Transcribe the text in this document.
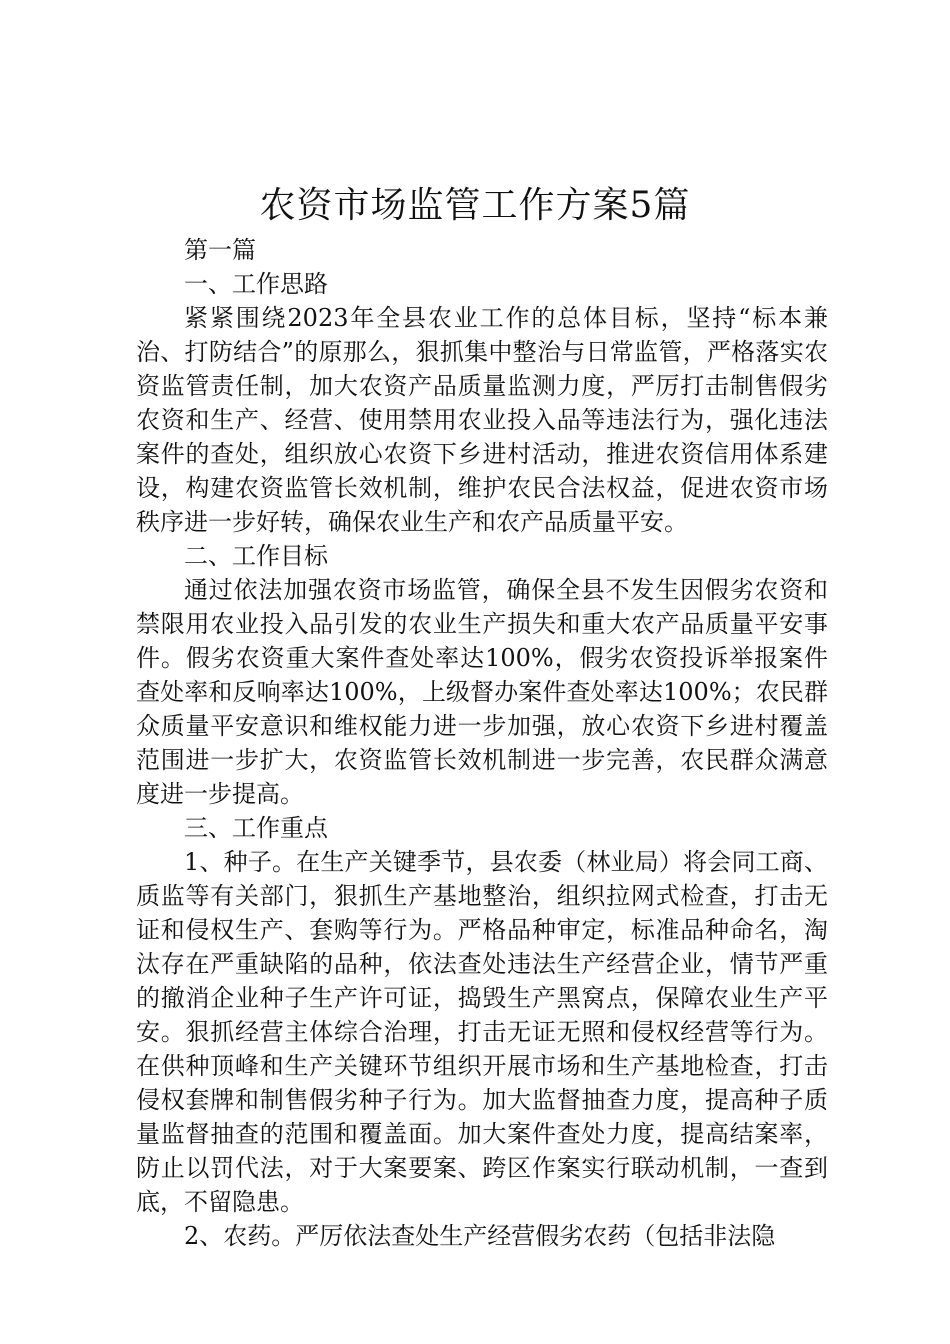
农资市场监管工作方案5篇

第一篇

一、工作思路

紧紧围绕2023年全县农业工作的总体目标，坚持“标本兼治、打防结合”的原那么，狠抓集中整治与日常监管，严格落实农资监管责任制，加大农资产品质量监测力度，严厉打击制售假劣农资和生产、经营、使用禁用农业投入品等违法行为，强化违法案件的查处，组织放心农资下乡进村活动，推进农资信用体系建设，构建农资监管长效机制，维护农民合法权益，促进农资市场秩序进一步好转，确保农业生产和农产品质量平安。

二、工作目标

通过依法加强农资市场监管，确保全县不发生因假劣农资和禁限用农业投入品引发的农业生产损失和重大农产品质量平安事件。假劣农资重大案件查处率达100%，假劣农资投诉举报案件查处率和反响率达100%，上级督办案件查处率达100%；农民群众质量平安意识和维权能力进一步加强，放心农资下乡进村覆盖范围进一步扩大，农资监管长效机制进一步完善，农民群众满意度进一步提高。

三、工作重点

1、种子。在生产关键季节，县农委（林业局）将会同工商、质监等有关部门，狠抓生产基地整治，组织拉网式检查，打击无证和侵权生产、套购等行为。严格品种审定，标准品种命名，淘汰存在严重缺陷的品种，依法查处违法生产经营企业，情节严重的撤消企业种子生产许可证，捣毁生产黑窝点，保障农业生产平安。狠抓经营主体综合治理，打击无证无照和侵权经营等行为。在供种顶峰和生产关键环节组织开展市场和生产基地检查，打击侵权套牌和制售假劣种子行为。加大监督抽查力度，提高种子质量监督抽查的范围和覆盖面。加大案件查处力度，提高结案率，防止以罚代法，对于大案要案、跨区作案实行联动机制，一查到底，不留隐患。

2、农药。严厉依法查处生产经营假劣农药（包括非法隐
